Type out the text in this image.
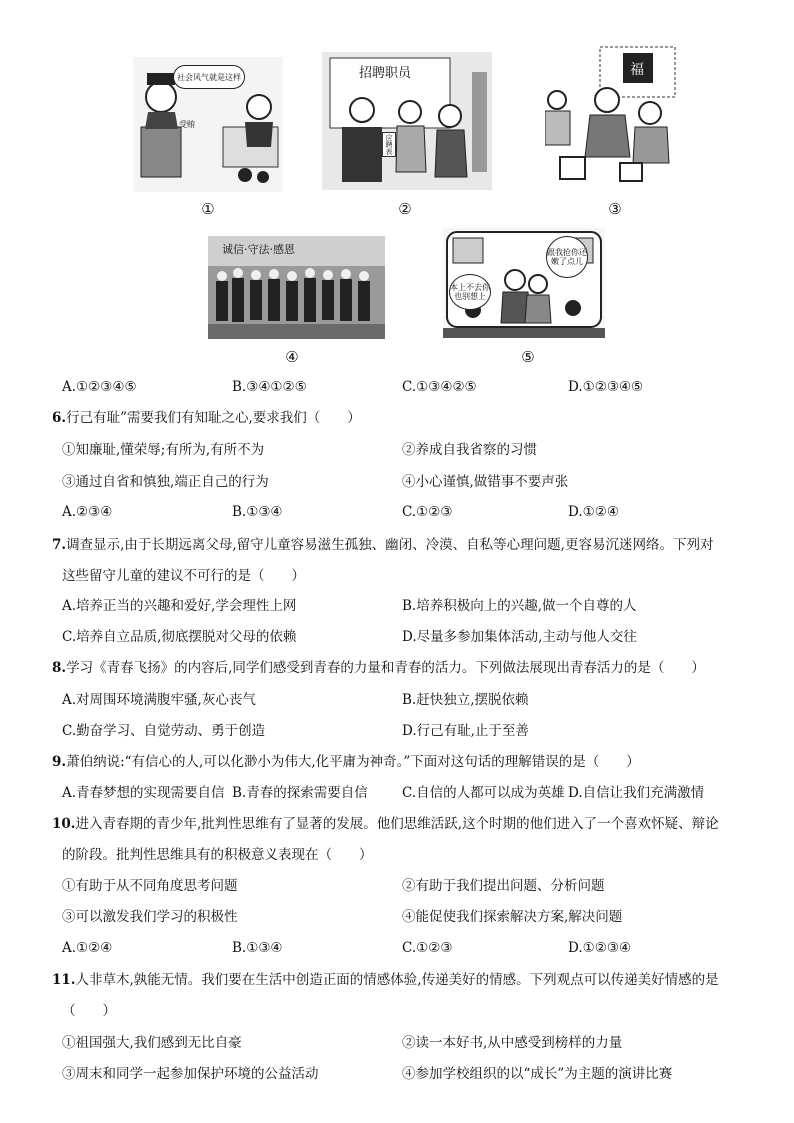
社会风气就是这样
受贿
①
招聘职员
应聘表
②
福
③
诚信·守法·感恩
④
跟我抢你还嫩了点儿
本上不去你也别想上
⑤
A.①②③④⑤	B.③④①②⑤	C.①③④②⑤	D.①②③④⑤
6.行己有耻”需要我们有知耻之心,要求我们（　　）
①知廉耻,懂荣辱;有所为,有所不为	②养成自我省察的习惯
③通过自省和慎独,端正自己的行为	④小心谨慎,做错事不要声张
A.②③④	B.①③④	C.①②③	D.①②④
7.调查显示,由于长期远离父母,留守儿童容易滋生孤独、幽闭、冷漠、自私等心理问题,更容易沉迷网络。下列对
这些留守儿童的建议不可行的是（　　）
A.培养正当的兴趣和爱好,学会理性上网	B.培养积极向上的兴趣,做一个自尊的人
C.培养自立品质,彻底摆脱对父母的依赖	D.尽量多参加集体活动,主动与他人交往
8.学习《青春飞扬》的内容后,同学们感受到青春的力量和青春的活力。下列做法展现出青春活力的是（　　）
A.对周围环境满腹牢骚,灰心丧气	B.赶快独立,摆脱依赖
C.勤奋学习、自觉劳动、勇于创造	D.行己有耻,止于至善
9.萧伯纳说:“有信心的人,可以化渺小为伟大,化平庸为神奇。”下面对这句话的理解错误的是（　　）
A.青春梦想的实现需要自信 B.青春的探索需要自信	C.自信的人都可以成为英雄 D.自信让我们充满激情
10.进入青春期的青少年,批判性思维有了显著的发展。他们思维活跃,这个时期的他们进入了一个喜欢怀疑、辩论
的阶段。批判性思维具有的积极意义表现在（　　）
①有助于从不同角度思考问题	②有助于我们提出问题、分析问题
③可以激发我们学习的积极性	④能促使我们探索解决方案,解决问题
A.①②④	B.①③④	C.①②③	D.①②③④
11.人非草木,孰能无情。我们要在生活中创造正面的情感体验,传递美好的情感。下列观点可以传递美好情感的是
（　　）
①祖国强大,我们感到无比自豪	②读一本好书,从中感受到榜样的力量
③周末和同学一起参加保护环境的公益活动	④参加学校组织的以“成长”为主题的演讲比赛
